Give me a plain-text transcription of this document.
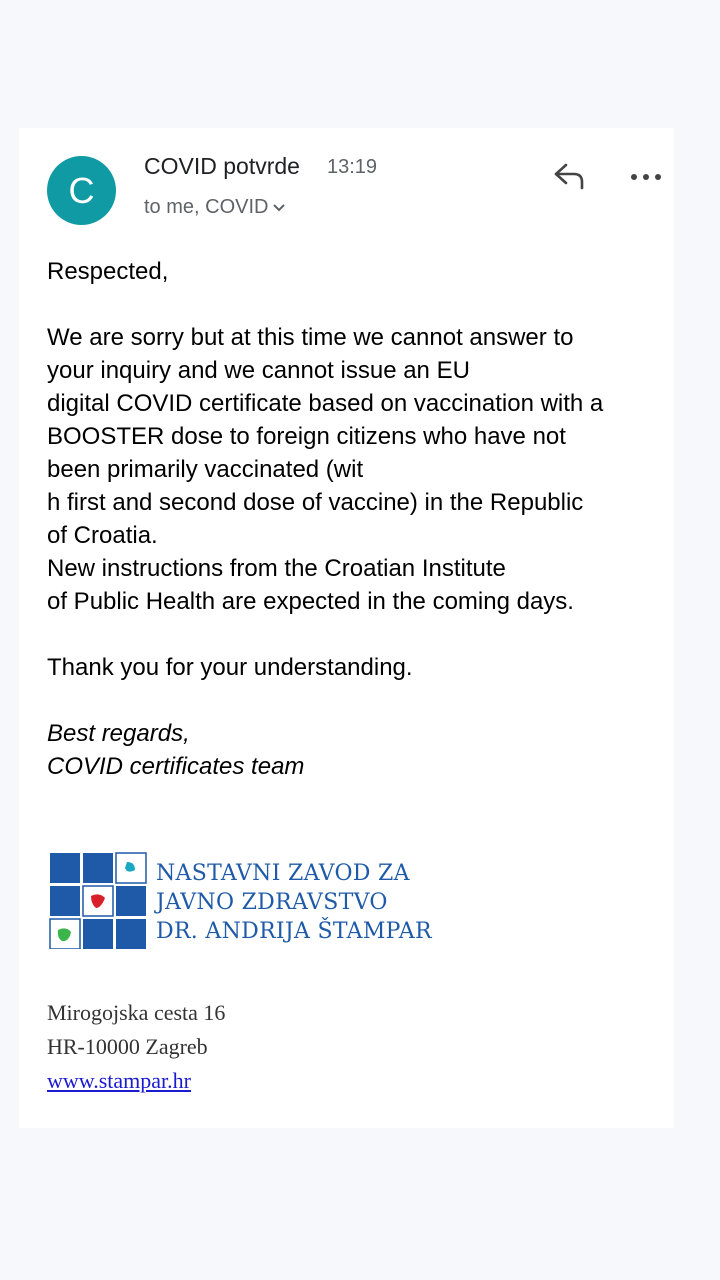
C
COVID potvrde 13:19
to me, COVID

Respected,

We are sorry but at this time we cannot answer to

your inquiry and we cannot issue an EU

digital COVID certificate based on vaccination with a

BOOSTER dose to foreign citizens who have not

been primarily vaccinated (wit

h first and second dose of vaccine) in the Republic

of Croatia.

New instructions from the Croatian Institute

of Public Health are expected in the coming days.

Thank you for your understanding.

Best regards,

COVID certificates team

NASTAVNI ZAVOD ZA
JAVNO ZDRAVSTVO
DR. ANDRIJA ŠTAMPAR
Mirogojska cesta 16
HR-10000 Zagreb
www.stampar.hr
